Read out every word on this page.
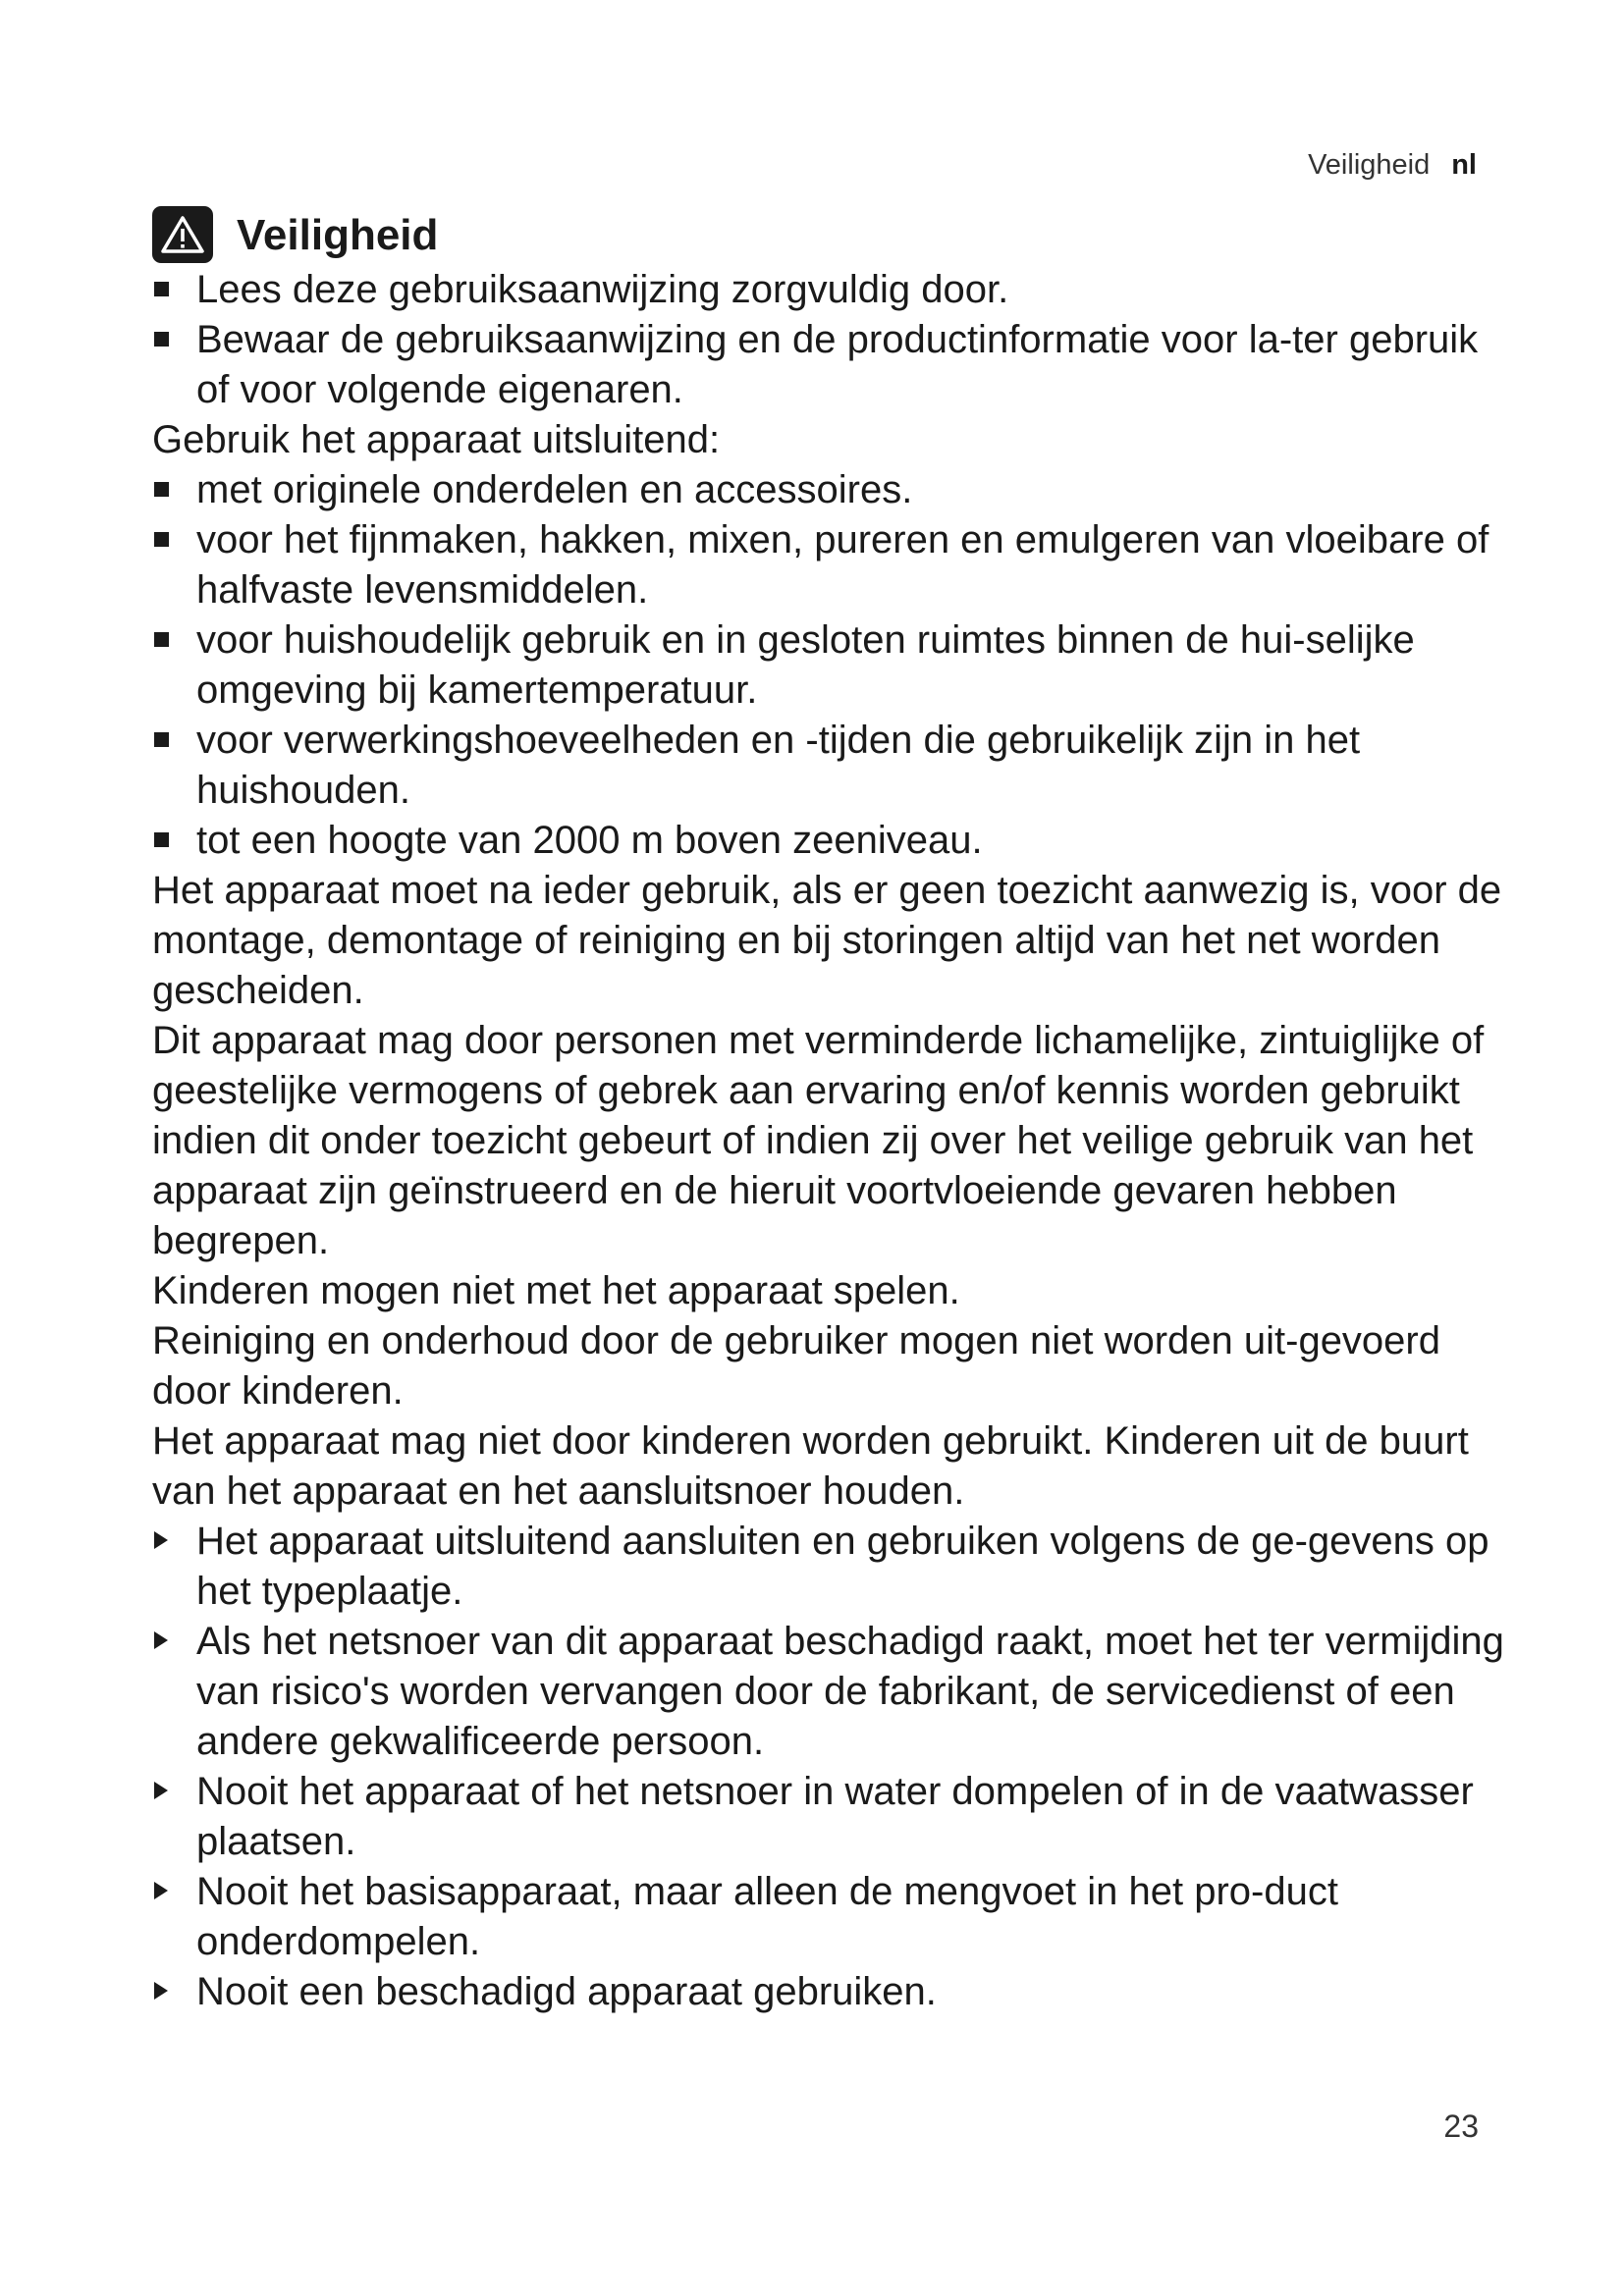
Veiligheid nl
Veiligheid
Lees deze gebruiksaanwijzing zorgvuldig door.
Bewaar de gebruiksaanwijzing en de productinformatie voor la-ter gebruik of voor volgende eigenaren.

Gebruik het apparaat uitsluitend:

met originele onderdelen en accessoires.
voor het fijnmaken, hakken, mixen, pureren en emulgeren van vloeibare of halfvaste levensmiddelen.
voor huishoudelijk gebruik en in gesloten ruimtes binnen de hui-selijke omgeving bij kamertemperatuur.
voor verwerkingshoeveelheden en -tijden die gebruikelijk zijn in het huishouden.
tot een hoogte van 2000 m boven zeeniveau.

Het apparaat moet na ieder gebruik, als er geen toezicht aanwezig is, voor de montage, demontage of reiniging en bij storingen altijd van het net worden gescheiden.

Dit apparaat mag door personen met verminderde lichamelijke, zintuiglijke of geestelijke vermogens of gebrek aan ervaring en/of kennis worden gebruikt indien dit onder toezicht gebeurt of indien zij over het veilige gebruik van het apparaat zijn geïnstrueerd en de hieruit voortvloeiende gevaren hebben begrepen.

Kinderen mogen niet met het apparaat spelen.

Reiniging en onderhoud door de gebruiker mogen niet worden uit-gevoerd door kinderen.

Het apparaat mag niet door kinderen worden gebruikt. Kinderen uit de buurt van het apparaat en het aansluitsnoer houden.

Het apparaat uitsluitend aansluiten en gebruiken volgens de ge-gevens op het typeplaatje.
Als het netsnoer van dit apparaat beschadigd raakt, moet het ter vermijding van risico's worden vervangen door de fabrikant, de servicedienst of een andere gekwalificeerde persoon.
Nooit het apparaat of het netsnoer in water dompelen of in de vaatwasser plaatsen.
Nooit het basisapparaat, maar alleen de mengvoet in het pro-duct onderdompelen.
Nooit een beschadigd apparaat gebruiken.
23
